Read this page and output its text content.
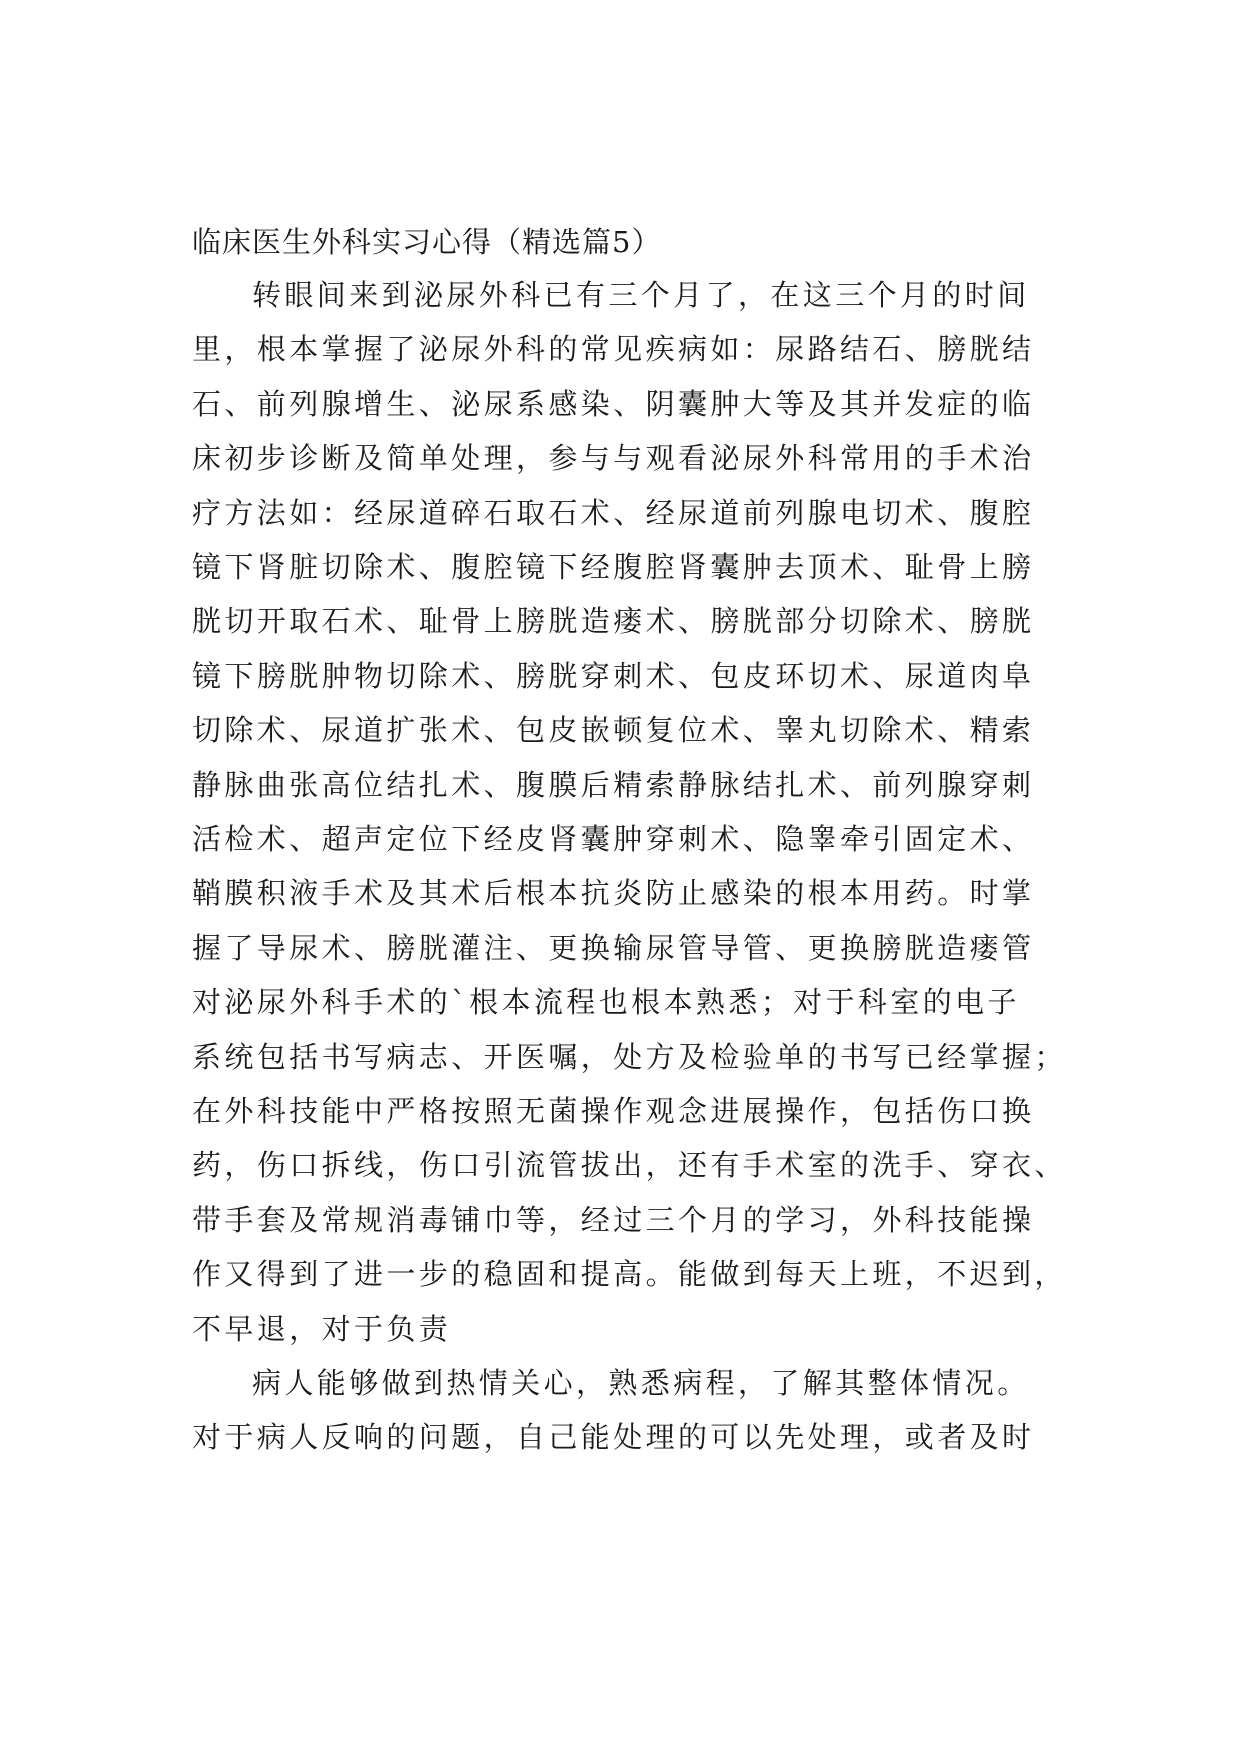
临床医生外科实习心得（精选篇5）
转眼间来到泌尿外科已有三个月了，在这三个月的时间
里，根本掌握了泌尿外科的常见疾病如：尿路结石、膀胱结
石、前列腺增生、泌尿系感染、阴囊肿大等及其并发症的临
床初步诊断及简单处理，参与与观看泌尿外科常用的手术治
疗方法如：经尿道碎石取石术、经尿道前列腺电切术、腹腔
镜下肾脏切除术、腹腔镜下经腹腔肾囊肿去顶术、耻骨上膀
胱切开取石术、耻骨上膀胱造瘘术、膀胱部分切除术、膀胱
镜下膀胱肿物切除术、膀胱穿刺术、包皮环切术、尿道肉阜
切除术、尿道扩张术、包皮嵌顿复位术、睾丸切除术、精索
静脉曲张高位结扎术、腹膜后精索静脉结扎术、前列腺穿刺
活检术、超声定位下经皮肾囊肿穿刺术、隐睾牵引固定术、
鞘膜积液手术及其术后根本抗炎防止感染的根本用药。时掌
握了导尿术、膀胱灌注、更换输尿管导管、更换膀胱造瘘管
对泌尿外科手术的`根本流程也根本熟悉；对于科室的电子
系统包括书写病志、开医嘱，处方及检验单的书写已经掌握；
在外科技能中严格按照无菌操作观念进展操作，包括伤口换
药，伤口拆线，伤口引流管拔出，还有手术室的洗手、穿衣、
带手套及常规消毒铺巾等，经过三个月的学习，外科技能操
作又得到了进一步的稳固和提高。能做到每天上班，不迟到，
不早退，对于负责
病人能够做到热情关心，熟悉病程，了解其整体情况。
对于病人反响的问题，自己能处理的可以先处理，或者及时
